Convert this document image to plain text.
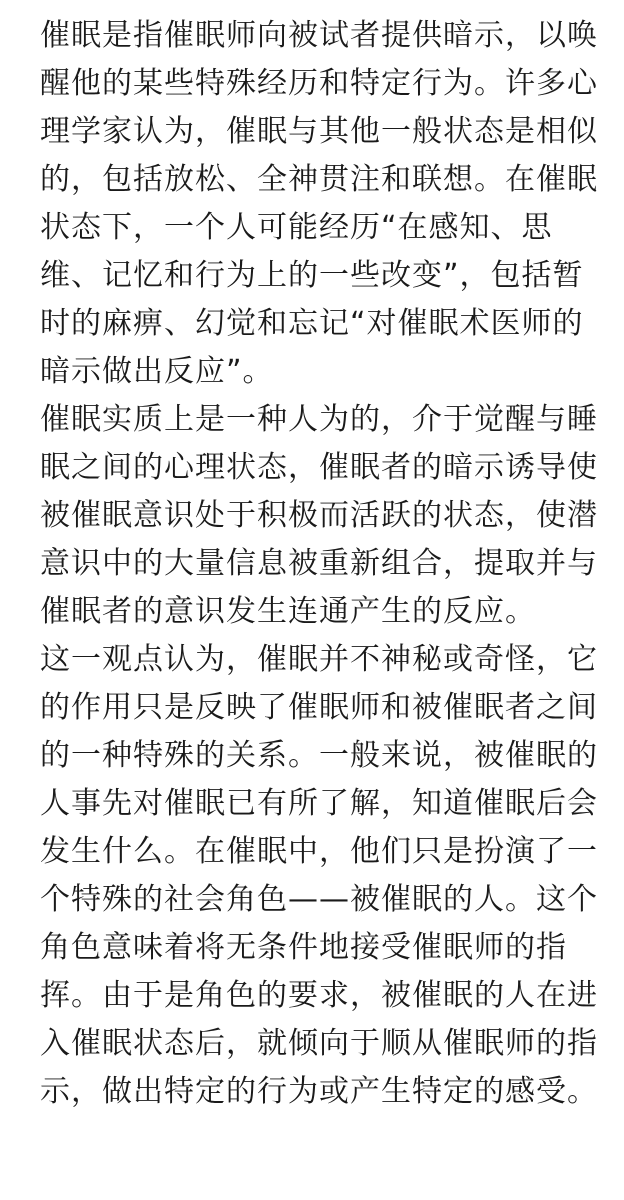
催眠是指催眠师向被试者提供暗示，以唤
醒他的某些特殊经历和特定行为。许多心
理学家认为，催眠与其他一般状态是相似
的，包括放松、全神贯注和联想。在催眠
状态下，一个人可能经历“在感知、思
维、记忆和行为上的一些改变”，包括暂
时的麻痹、幻觉和忘记“对催眠术医师的
暗示做出反应”。
催眠实质上是一种人为的，介于觉醒与睡
眠之间的心理状态，催眠者的暗示诱导使
被催眠意识处于积极而活跃的状态，使潜
意识中的大量信息被重新组合，提取并与
催眠者的意识发生连通产生的反应。
这一观点认为，催眠并不神秘或奇怪，它
的作用只是反映了催眠师和被催眠者之间
的一种特殊的关系。一般来说，被催眠的
人事先对催眠已有所了解，知道催眠后会
发生什么。在催眠中，他们只是扮演了一
个特殊的社会角色——被催眠的人。这个
角色意味着将无条件地接受催眠师的指
挥。由于是角色的要求，被催眠的人在进
入催眠状态后，就倾向于顺从催眠师的指
示，做出特定的行为或产生特定的感受。
